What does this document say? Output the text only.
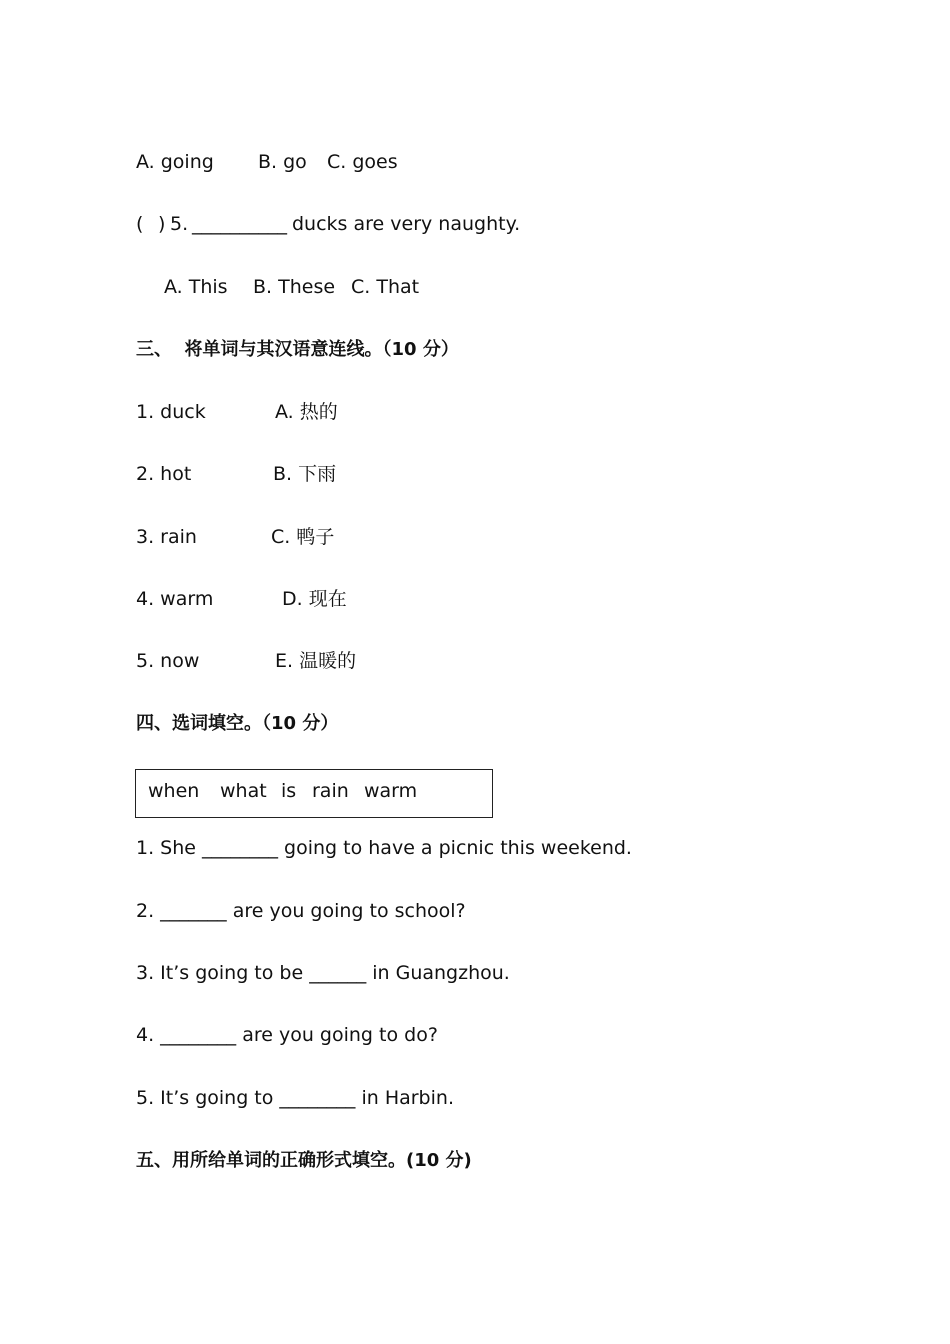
A. going

B. go

C. goes

(

)

5.

__________

ducks are very naughty.

A. This

B. These

C. That

三、  将单词与其汉语意连线。（10 分）

1. duck

	A. 热的

2. hot

	B. 下雨

3. rain

	C. 鸭子

4. warm

	D. 现在

5. now

	E. 温暖的

四、选词填空。（10 分）
when what is rain warm
1. She ________ going to have a picnic this weekend.
2. _______ are you going to school?
3. It’s going to be ______ in Guangzhou.
4. ________ are you going to do?
5. It’s going to ________ in Harbin.
五、用所给单词的正确形式填空。(10 分)
